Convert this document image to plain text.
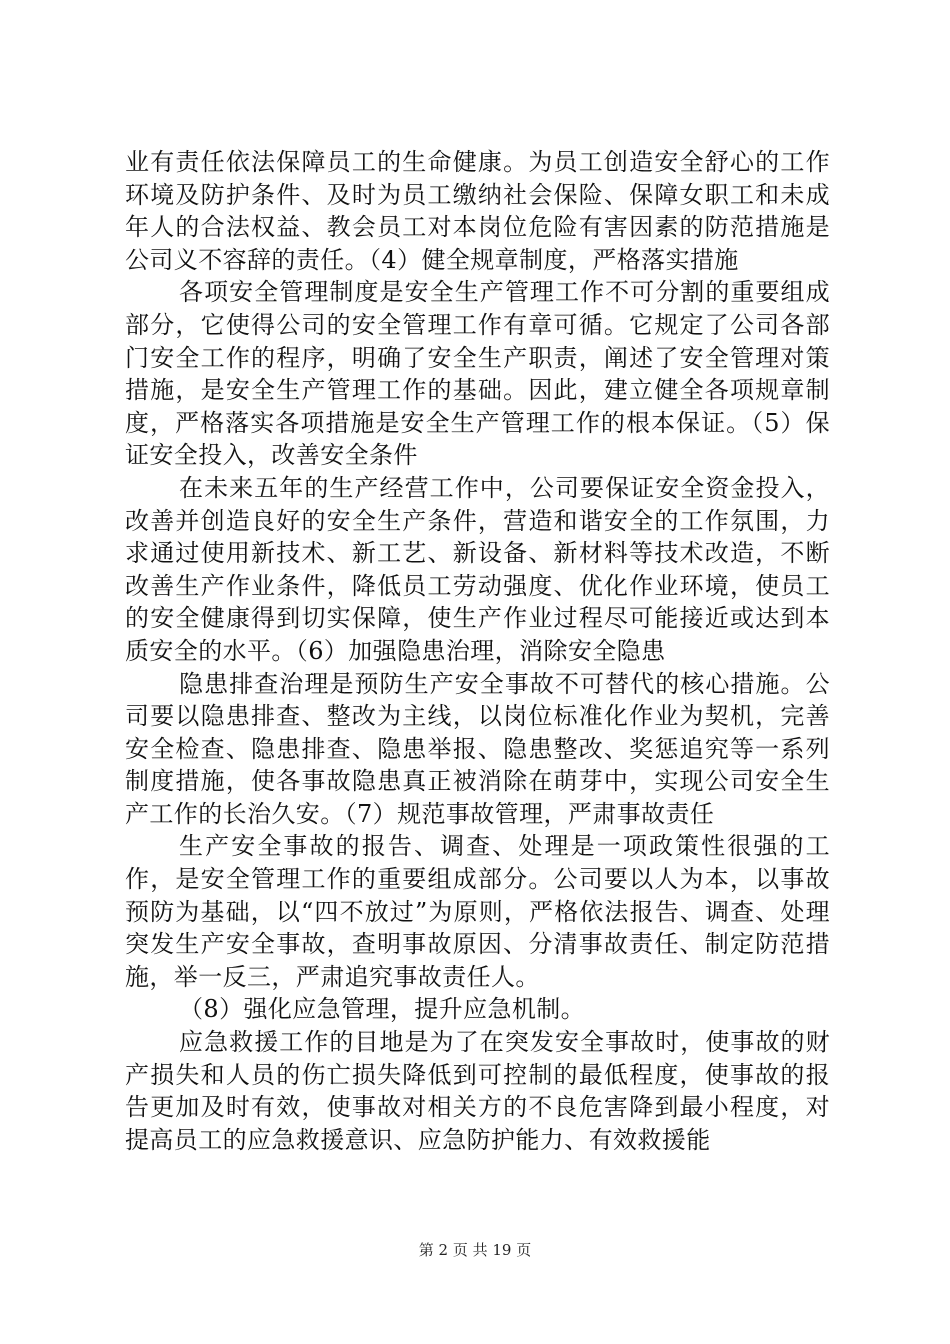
业有责任依法保障员工的生命健康。为员工创造安全舒心的工作环境及防护条件、及时为员工缴纳社会保险、保障女职工和未成年人的合法权益、教会员工对本岗位危险有害因素的防范措施是公司义不容辞的责任。（4）健全规章制度，严格落实措施

各项安全管理制度是安全生产管理工作不可分割的重要组成部分，它使得公司的安全管理工作有章可循。它规定了公司各部门安全工作的程序，明确了安全生产职责，阐述了安全管理对策措施，是安全生产管理工作的基础。因此，建立健全各项规章制度，严格落实各项措施是安全生产管理工作的根本保证。（5）保证安全投入，改善安全条件

在未来五年的生产经营工作中，公司要保证安全资金投入，改善并创造良好的安全生产条件，营造和谐安全的工作氛围，力求通过使用新技术、新工艺、新设备、新材料等技术改造，不断改善生产作业条件，降低员工劳动强度、优化作业环境，使员工的安全健康得到切实保障，使生产作业过程尽可能接近或达到本质安全的水平。（6）加强隐患治理，消除安全隐患

隐患排查治理是预防生产安全事故不可替代的核心措施。公司要以隐患排查、整改为主线，以岗位标准化作业为契机，完善安全检查、隐患排查、隐患举报、隐患整改、奖惩追究等一系列制度措施，使各事故隐患真正被消除在萌芽中，实现公司安全生产工作的长治久安。（7）规范事故管理，严肃事故责任

生产安全事故的报告、调查、处理是一项政策性很强的工作，是安全管理工作的重要组成部分。公司要以人为本，以事故预防为基础，以“四不放过”为原则，严格依法报告、调查、处理突发生产安全事故，查明事故原因、分清事故责任、制定防范措施，举一反三，严肃追究事故责任人。

（8）强化应急管理，提升应急机制。

应急救援工作的目地是为了在突发安全事故时，使事故的财产损失和人员的伤亡损失降低到可控制的最低程度，使事故的报告更加及时有效，使事故对相关方的不良危害降到最小程度，对提高员工的应急救援意识、应急防护能力、有效救援能

第 2 页 共 19 页
